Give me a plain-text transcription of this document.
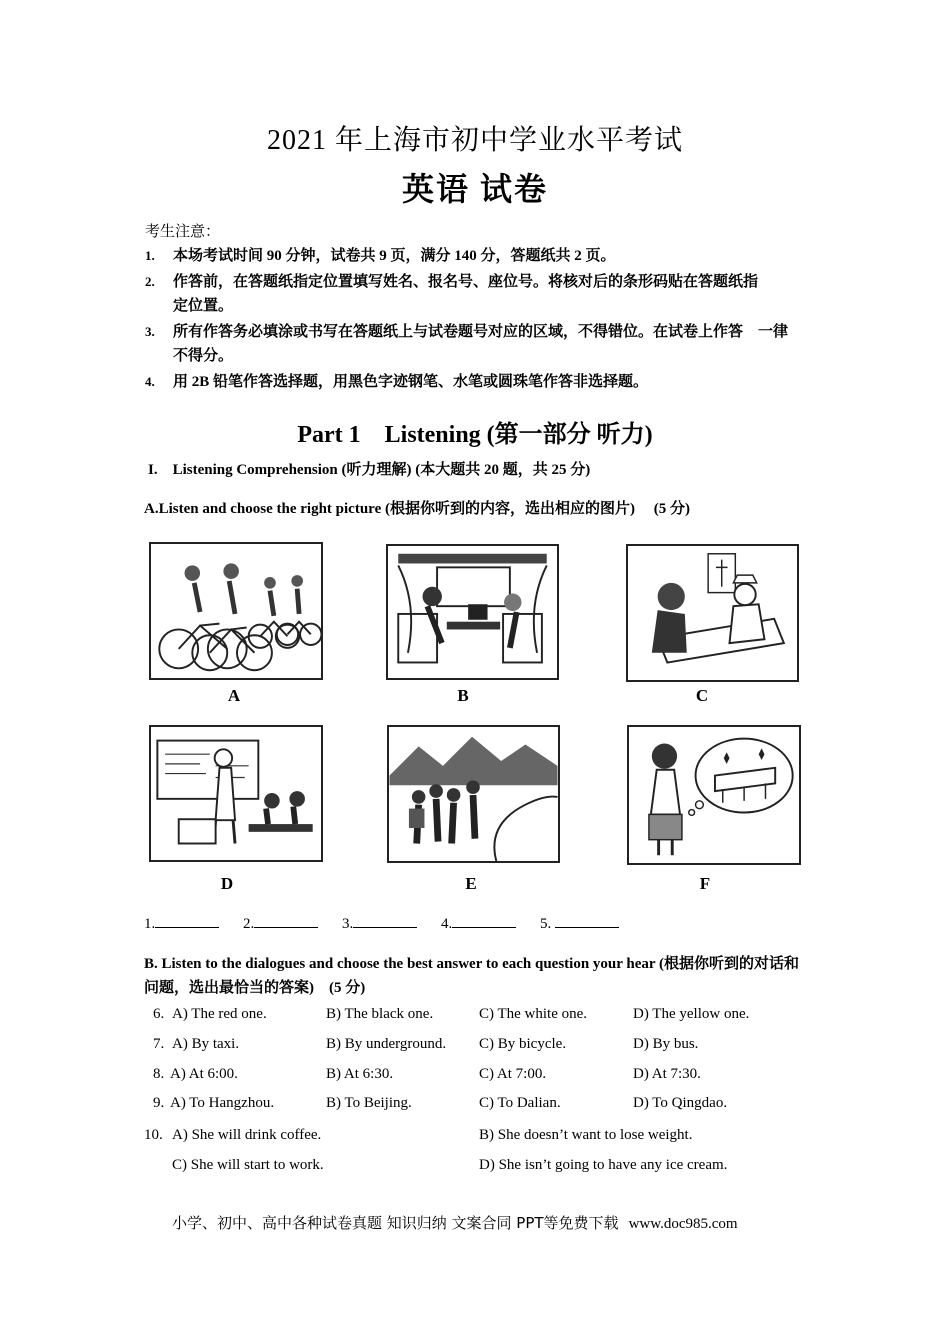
2021 年上海市初中学业水平考试
英语 试卷
考生注意：
1.	本场考试时间 90 分钟，试卷共 9 页，满分 140 分，答题纸共 2 页。
2.	作答前，在答题纸指定位置填写姓名、报名号、座位号。将核对后的条形码贴在答题纸指　　定位置。
3.	所有作答务必填涂或书写在答题纸上与试卷题号对应的区域，不得错位。在试卷上作答　一律不得分。
4.	用 2B 铅笔作答选择题，用黑色字迹钢笔、水笔或圆珠笔作答非选择题。
Part 1　Listening (第一部分 听力)
I.　Listening Comprehension (听力理解) (本大题共 20 题，共 25 分)
A.Listen and choose the right picture (根据你听到的内容，选出相应的图片)　 (5 分)
A	B	C
D	E	F
1.	2.	3.	4.	5.
B. Listen to the dialogues and choose the best answer to each question your hear (根据你听到的对话和问题，选出最恰当的答案)　(5 分)
6. A) The red one.	B) The black one.	C) The white one.	D) The yellow one.
7. A) By taxi.	B) By underground. C) By bicycle.	D) By bus.
8. A) At 6:00.	B) At 6:30.	C) At 7:00.	D) At 7:30.
9. A) To Hangzhou.	B) To Beijing.	C) To Dalian.	D) To Qingdao.
10. A) She will drink coffee.	B) She doesn’t want to lose weight.
C) She will start to work.	D) She isn’t going to have any ice cream.
小学、初中、高中各种试卷真题 知识归纳 文案合同 PPT等免费下载 www.doc985.com
